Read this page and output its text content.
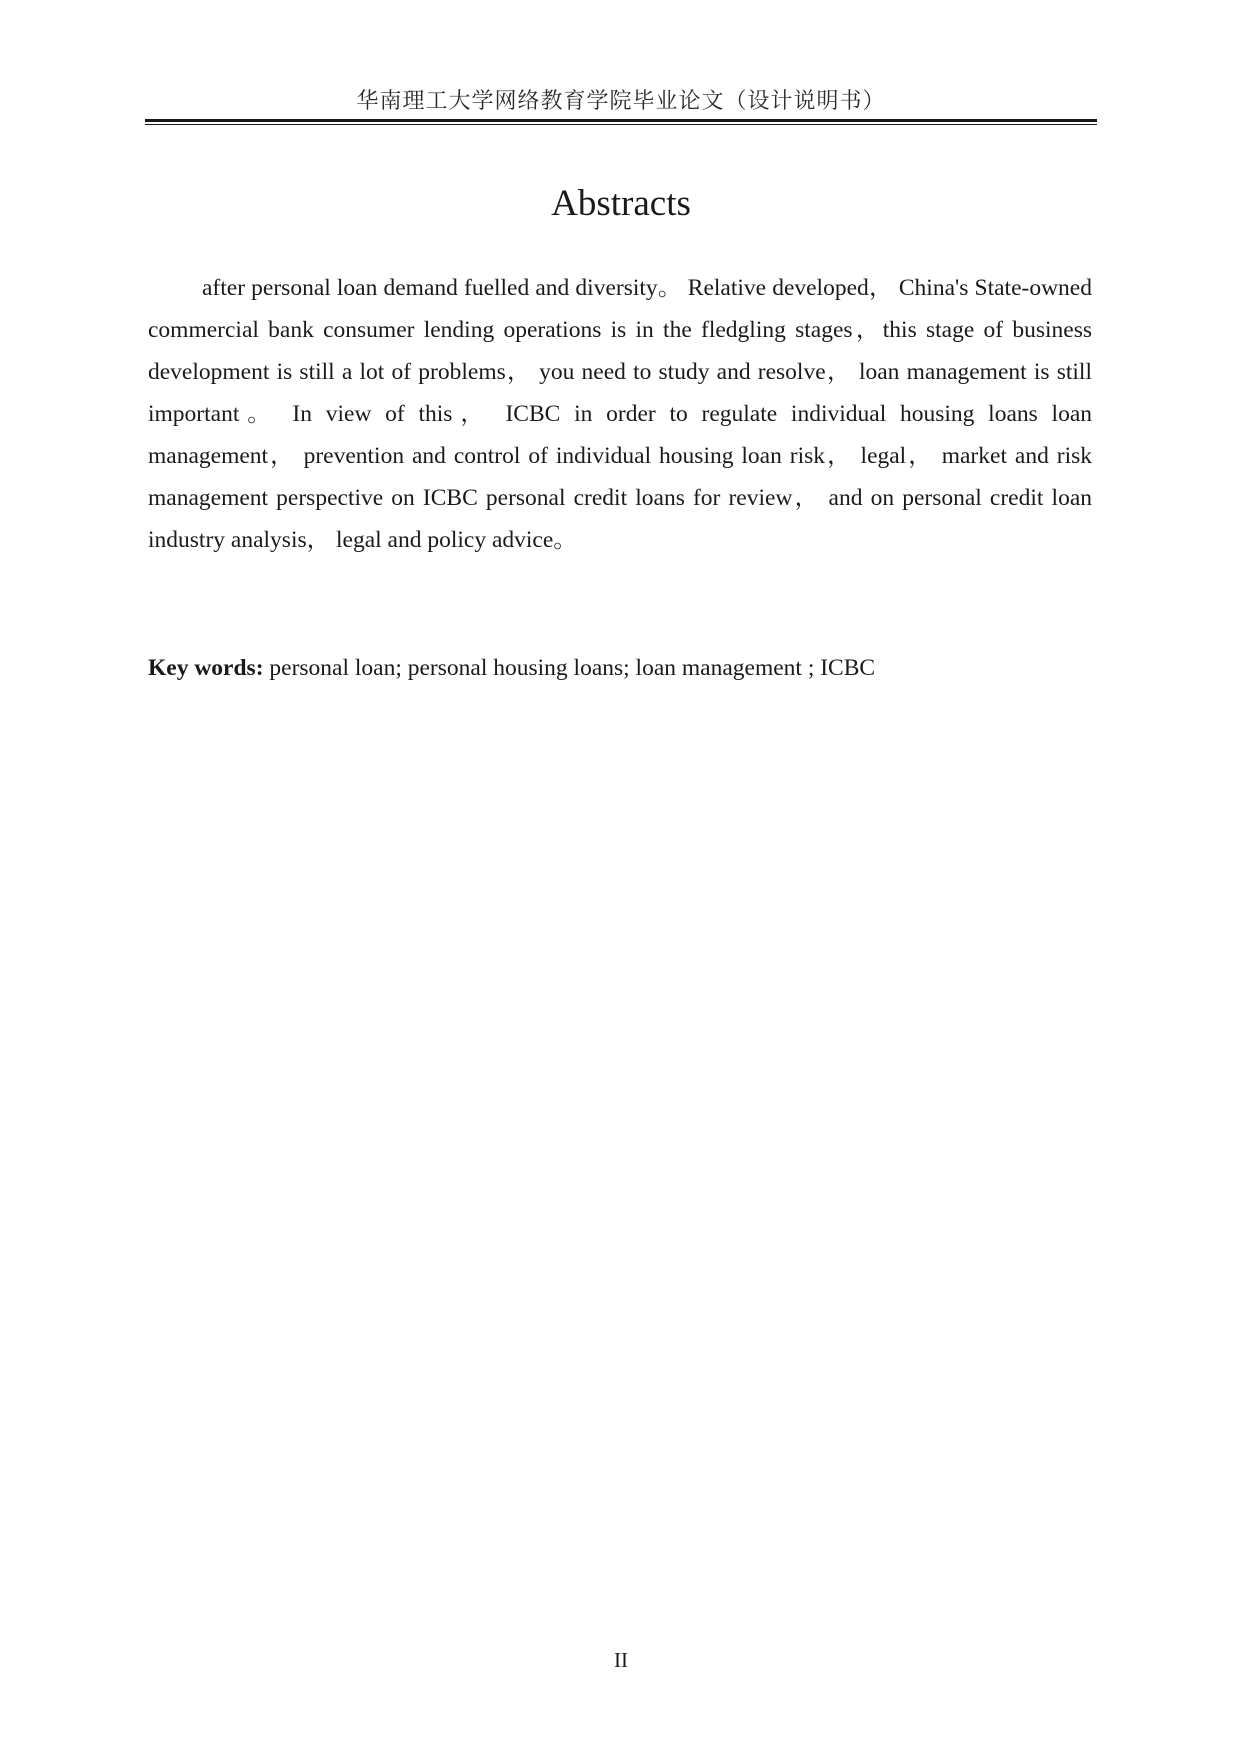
华南理工大学网络教育学院毕业论文（设计说明书）
Abstracts

after personal loan demand fuelled and diversity。 Relative developed， China's State-owned commercial bank consumer lending operations is in the fledgling stages，this stage of business development is still a lot of problems， you need to study and resolve， loan management is still important。 In view of this， ICBC in order to regulate individual housing loans loan management， prevention and control of individual housing loan risk， legal， market and risk management perspective on ICBC personal credit loans for review， and on personal credit loan industry analysis， legal and policy advice。

Key words: personal loan; personal housing loans; loan management ; ICBC
II
